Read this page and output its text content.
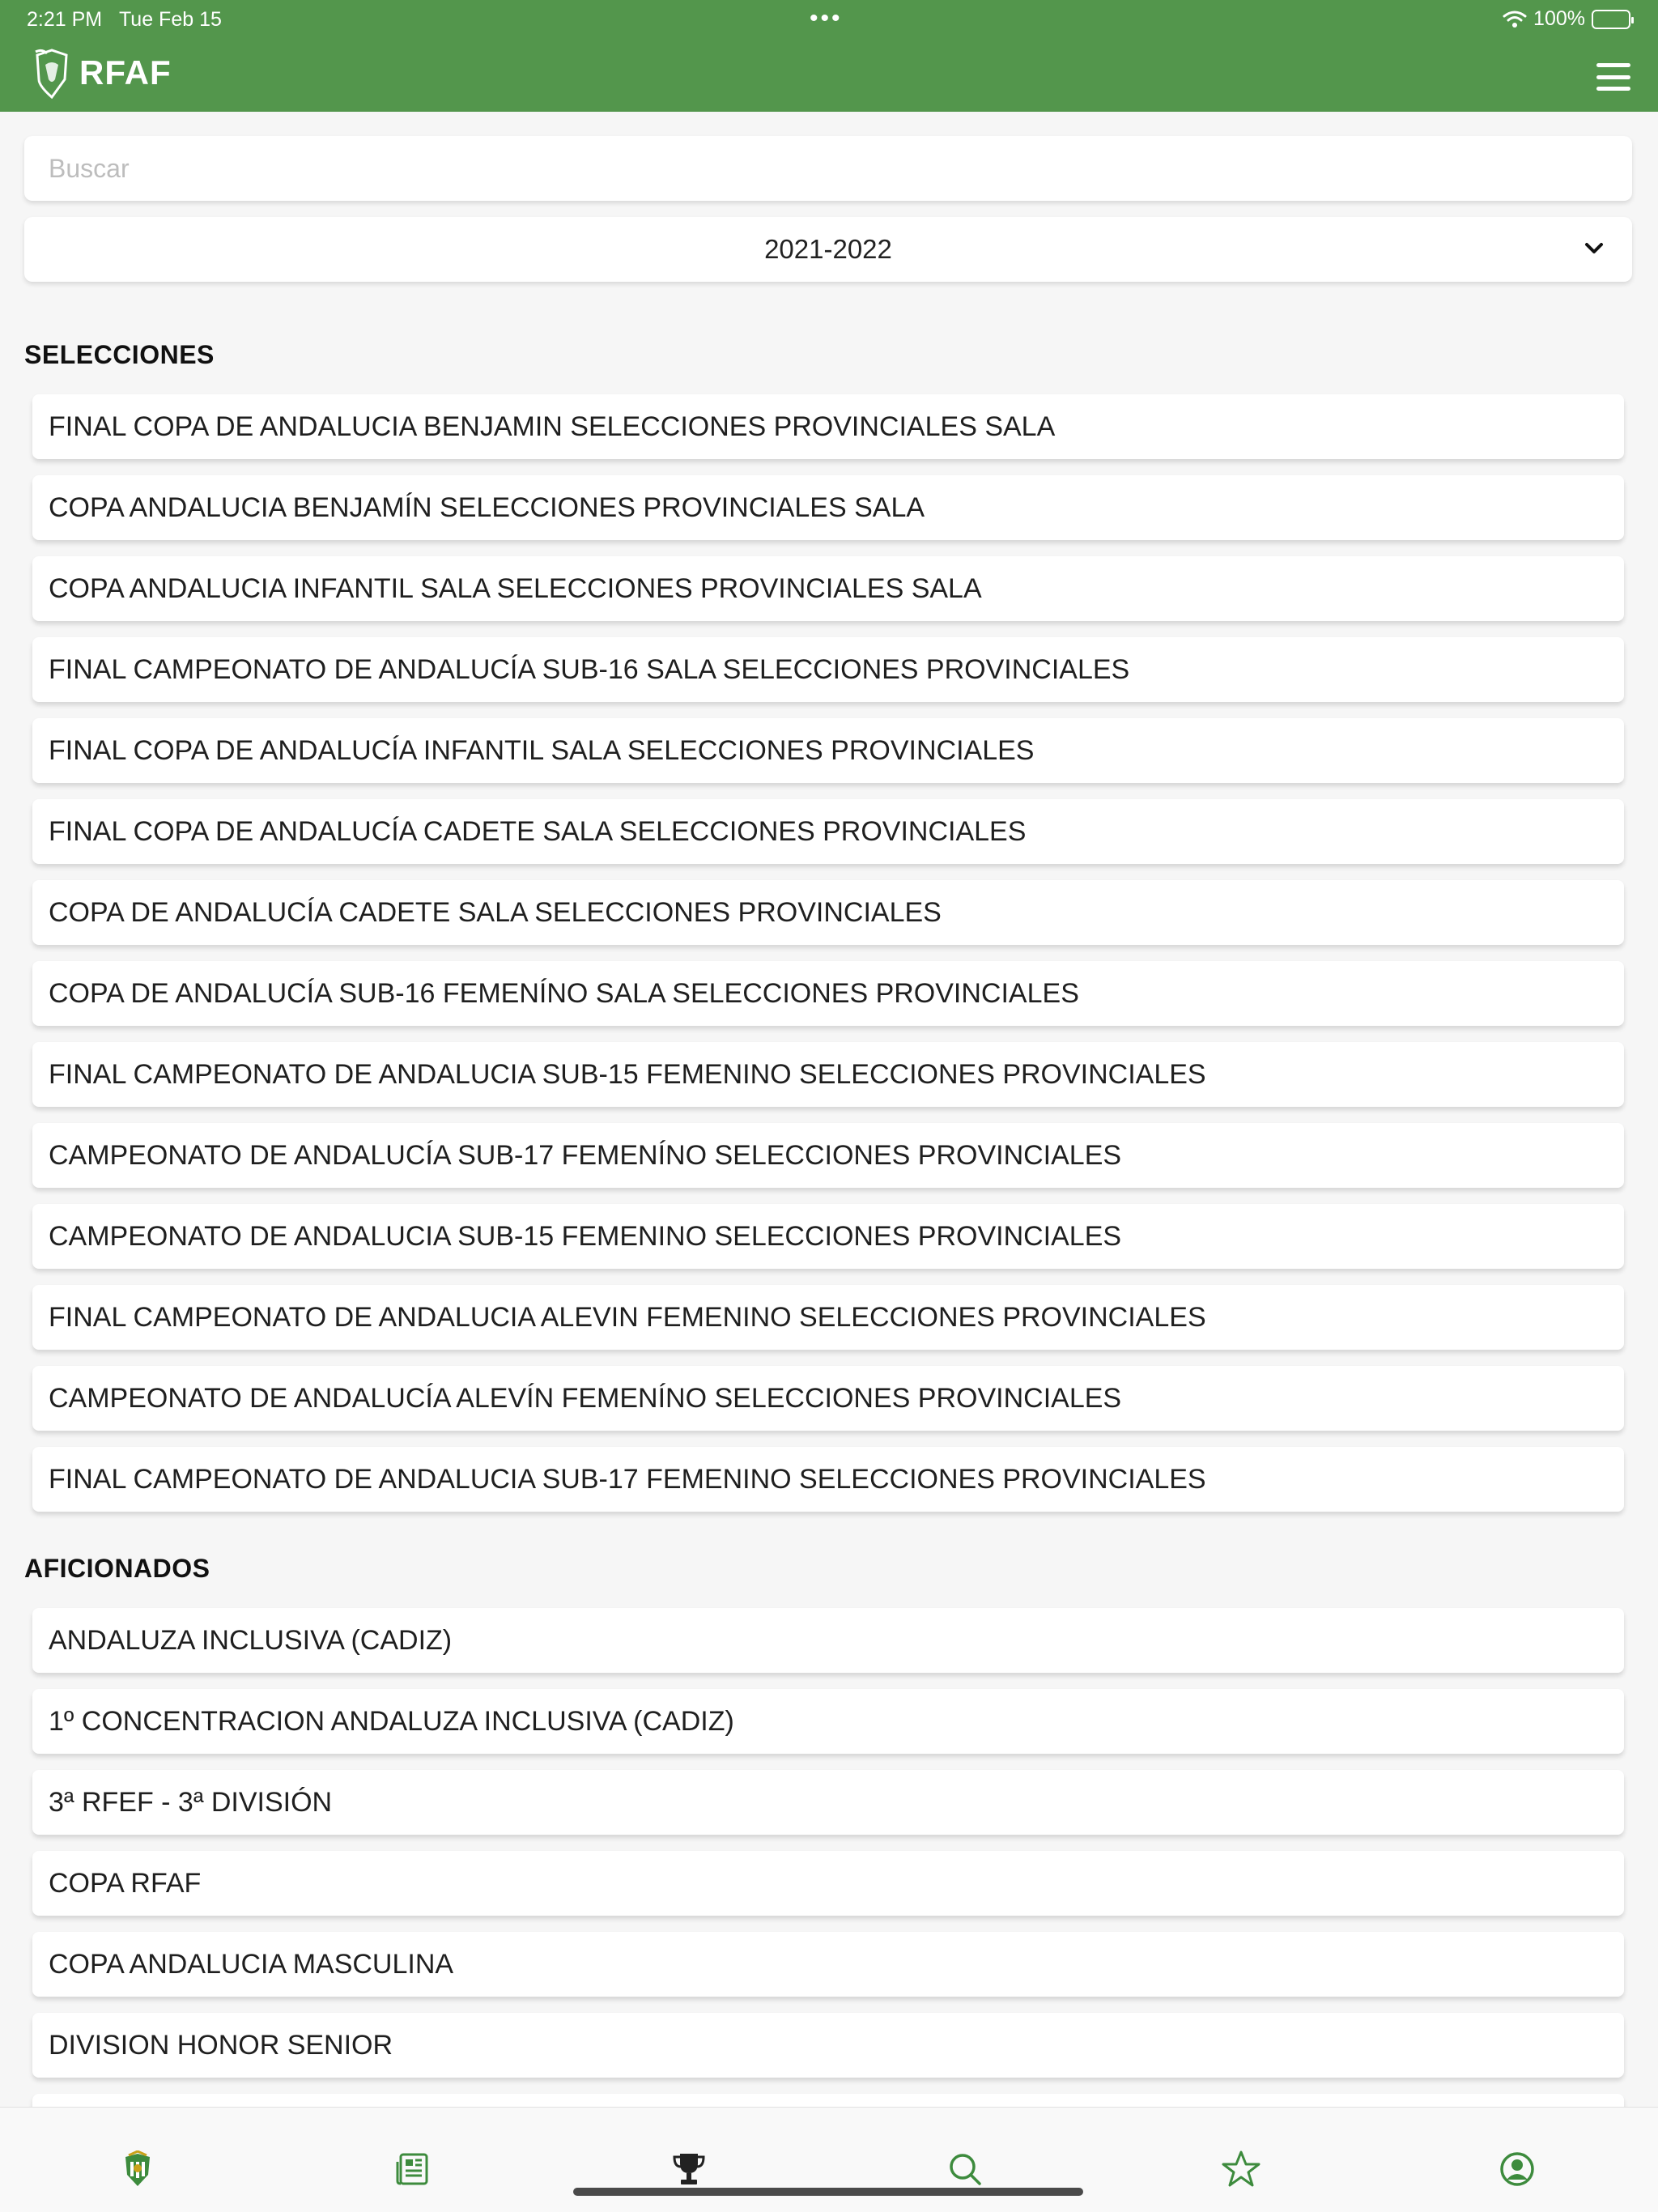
2:21 PM Tue Feb 15	•••	100%
RFAF
Buscar
2021-2022
SELECCIONES
FINAL COPA DE ANDALUCIA BENJAMIN SELECCIONES PROVINCIALES SALA
COPA ANDALUCIA BENJAMÍN SELECCIONES PROVINCIALES SALA
COPA ANDALUCIA INFANTIL SALA SELECCIONES PROVINCIALES SALA
FINAL CAMPEONATO DE ANDALUCÍA SUB-16 SALA SELECCIONES PROVINCIALES
FINAL COPA DE ANDALUCÍA INFANTIL SALA SELECCIONES PROVINCIALES
FINAL COPA DE ANDALUCÍA CADETE SALA SELECCIONES PROVINCIALES
COPA DE ANDALUCÍA CADETE SALA SELECCIONES PROVINCIALES
COPA DE ANDALUCÍA SUB-16 FEMENÍNO SALA SELECCIONES PROVINCIALES
FINAL CAMPEONATO DE ANDALUCIA SUB-15 FEMENINO SELECCIONES PROVINCIALES
CAMPEONATO DE ANDALUCÍA SUB-17 FEMENÍNO SELECCIONES PROVINCIALES
CAMPEONATO DE ANDALUCIA SUB-15 FEMENINO SELECCIONES PROVINCIALES
FINAL CAMPEONATO DE ANDALUCIA ALEVIN FEMENINO SELECCIONES PROVINCIALES
CAMPEONATO DE ANDALUCÍA ALEVÍN FEMENÍNO SELECCIONES PROVINCIALES
FINAL CAMPEONATO DE ANDALUCIA SUB-17 FEMENINO SELECCIONES PROVINCIALES
AFICIONADOS
ANDALUZA INCLUSIVA (CADIZ)
1º CONCENTRACION ANDALUZA INCLUSIVA (CADIZ)
3ª RFEF - 3ª DIVISIÓN
COPA RFAF
COPA ANDALUCIA MASCULINA
DIVISION HONOR SENIOR
